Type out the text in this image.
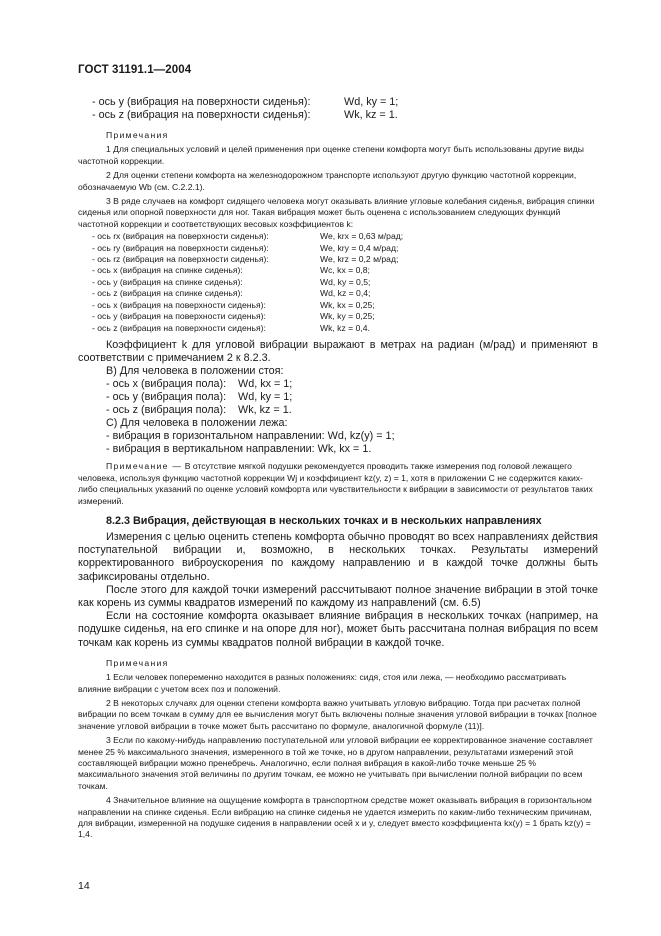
ГОСТ 31191.1—2004
- ось y (вибрация на поверхности сиденья):	Wd, ky = 1;
- ось z (вибрация на поверхности сиденья):	Wk, kz = 1.
Примечания
1 Для специальных условий и целей применения при оценке степени комфорта могут быть использованы другие виды частотной коррекции.
2 Для оценки степени комфорта на железнодорожном транспорте используют другую функцию частотной коррекции, обозначаемую Wb (см. С.2.2.1).
3 В ряде случаев на комфорт сидящего человека могут оказывать влияние угловые колебания сиденья, вибрация спинки сиденья или опорной поверхности для ног. Такая вибрация может быть оценена с использованием следующих функций частотной коррекции и соответствующих весовых коэффициентов k:
- ось rx (вибрация на поверхности сиденья):	We, krx = 0,63 м/рад;
- ось ry (вибрация на поверхности сиденья):	We, kry = 0,4 м/рад;
- ось rz (вибрация на поверхности сиденья):	We, krz = 0,2 м/рад;
- ось x (вибрация на спинке сиденья):	Wc, kx = 0,8;
- ось y (вибрация на спинке сиденья):	Wd, ky = 0,5;
- ось z (вибрация на спинке сиденья):	Wd, kz = 0,4;
- ось x (вибрация на поверхности сиденья):	Wk, kx = 0,25;
- ось y (вибрация на поверхности сиденья):	Wk, ky = 0,25;
- ось z (вибрация на поверхности сиденья):	Wk, kz = 0,4.
Коэффициент k для угловой вибрации выражают в метрах на радиан (м/рад) и применяют в соответствии с примечанием 2 к 8.2.3.
B) Для человека в положении стоя:
- ось x (вибрация пола): Wd, kx = 1;
- ось y (вибрация пола): Wd, ky = 1;
- ось z (вибрация пола): Wk, kz = 1.
C) Для человека в положении лежа:
- вибрация в горизонтальном направлении: Wd, kz(y) = 1;
- вибрация в вертикальном направлении: Wk, kx = 1.
Примечание — В отсутствие мягкой подушки рекомендуется проводить также измерения под головой лежащего человека, используя функцию частотной коррекции Wj и коэффициент kz(y, z) = 1, хотя в приложении С не содержится каких-либо специальных указаний по оценке условий комфорта или чувствительности к вибрации в зависимости от результатов таких измерений.
8.2.3 Вибрация, действующая в нескольких точках и в нескольких направлениях
Измерения с целью оценить степень комфорта обычно проводят во всех направлениях действия поступательной вибрации и, возможно, в нескольких точках. Результаты измерений корректированного виброускорения по каждому направлению и в каждой точке должны быть зафиксированы отдельно.
После этого для каждой точки измерений рассчитывают полное значение вибрации в этой точке как корень из суммы квадратов измерений по каждому из направлений (см. 6.5)
Если на состояние комфорта оказывает влияние вибрация в нескольких точках (например, на подушке сиденья, на его спинке и на опоре для ног), может быть рассчитана полная вибрация по всем точкам как корень из суммы квадратов полной вибрации в каждой точке.
Примечания
1 Если человек попеременно находится в разных положениях: сидя, стоя или лежа, — необходимо рассматривать влияние вибрации с учетом всех поз и положений.
2 В некоторых случаях для оценки степени комфорта важно учитывать угловую вибрацию. Тогда при расчетах полной вибрации по всем точкам в сумму для ее вычисления могут быть включены полные значения угловой вибрации в точках [полное значение угловой вибрации в точке может быть рассчитано по формуле, аналогичной формуле (11)].
3 Если по какому-нибудь направлению поступательной или угловой вибрации ее корректированное значение составляет менее 25 % максимального значения, измеренного в той же точке, но в другом направлении, результатами измерений этой составляющей вибрации можно пренебречь. Аналогично, если полная вибрация в какой-либо точке меньше 25 % максимального значения этой величины по другим точкам, ее можно не учитывать при вычислении полной вибрации по всем точкам.
4 Значительное влияние на ощущение комфорта в транспортном средстве может оказывать вибрация в горизонтальном направлении на спинке сиденья. Если вибрацию на спинке сиденья не удается измерить по каким-либо техническим причинам, для вибрации, измеренной на подушке сидения в направлении осей x и y, следует вместо коэффициента kx(y) = 1 брать kz(y) = 1,4.
14
